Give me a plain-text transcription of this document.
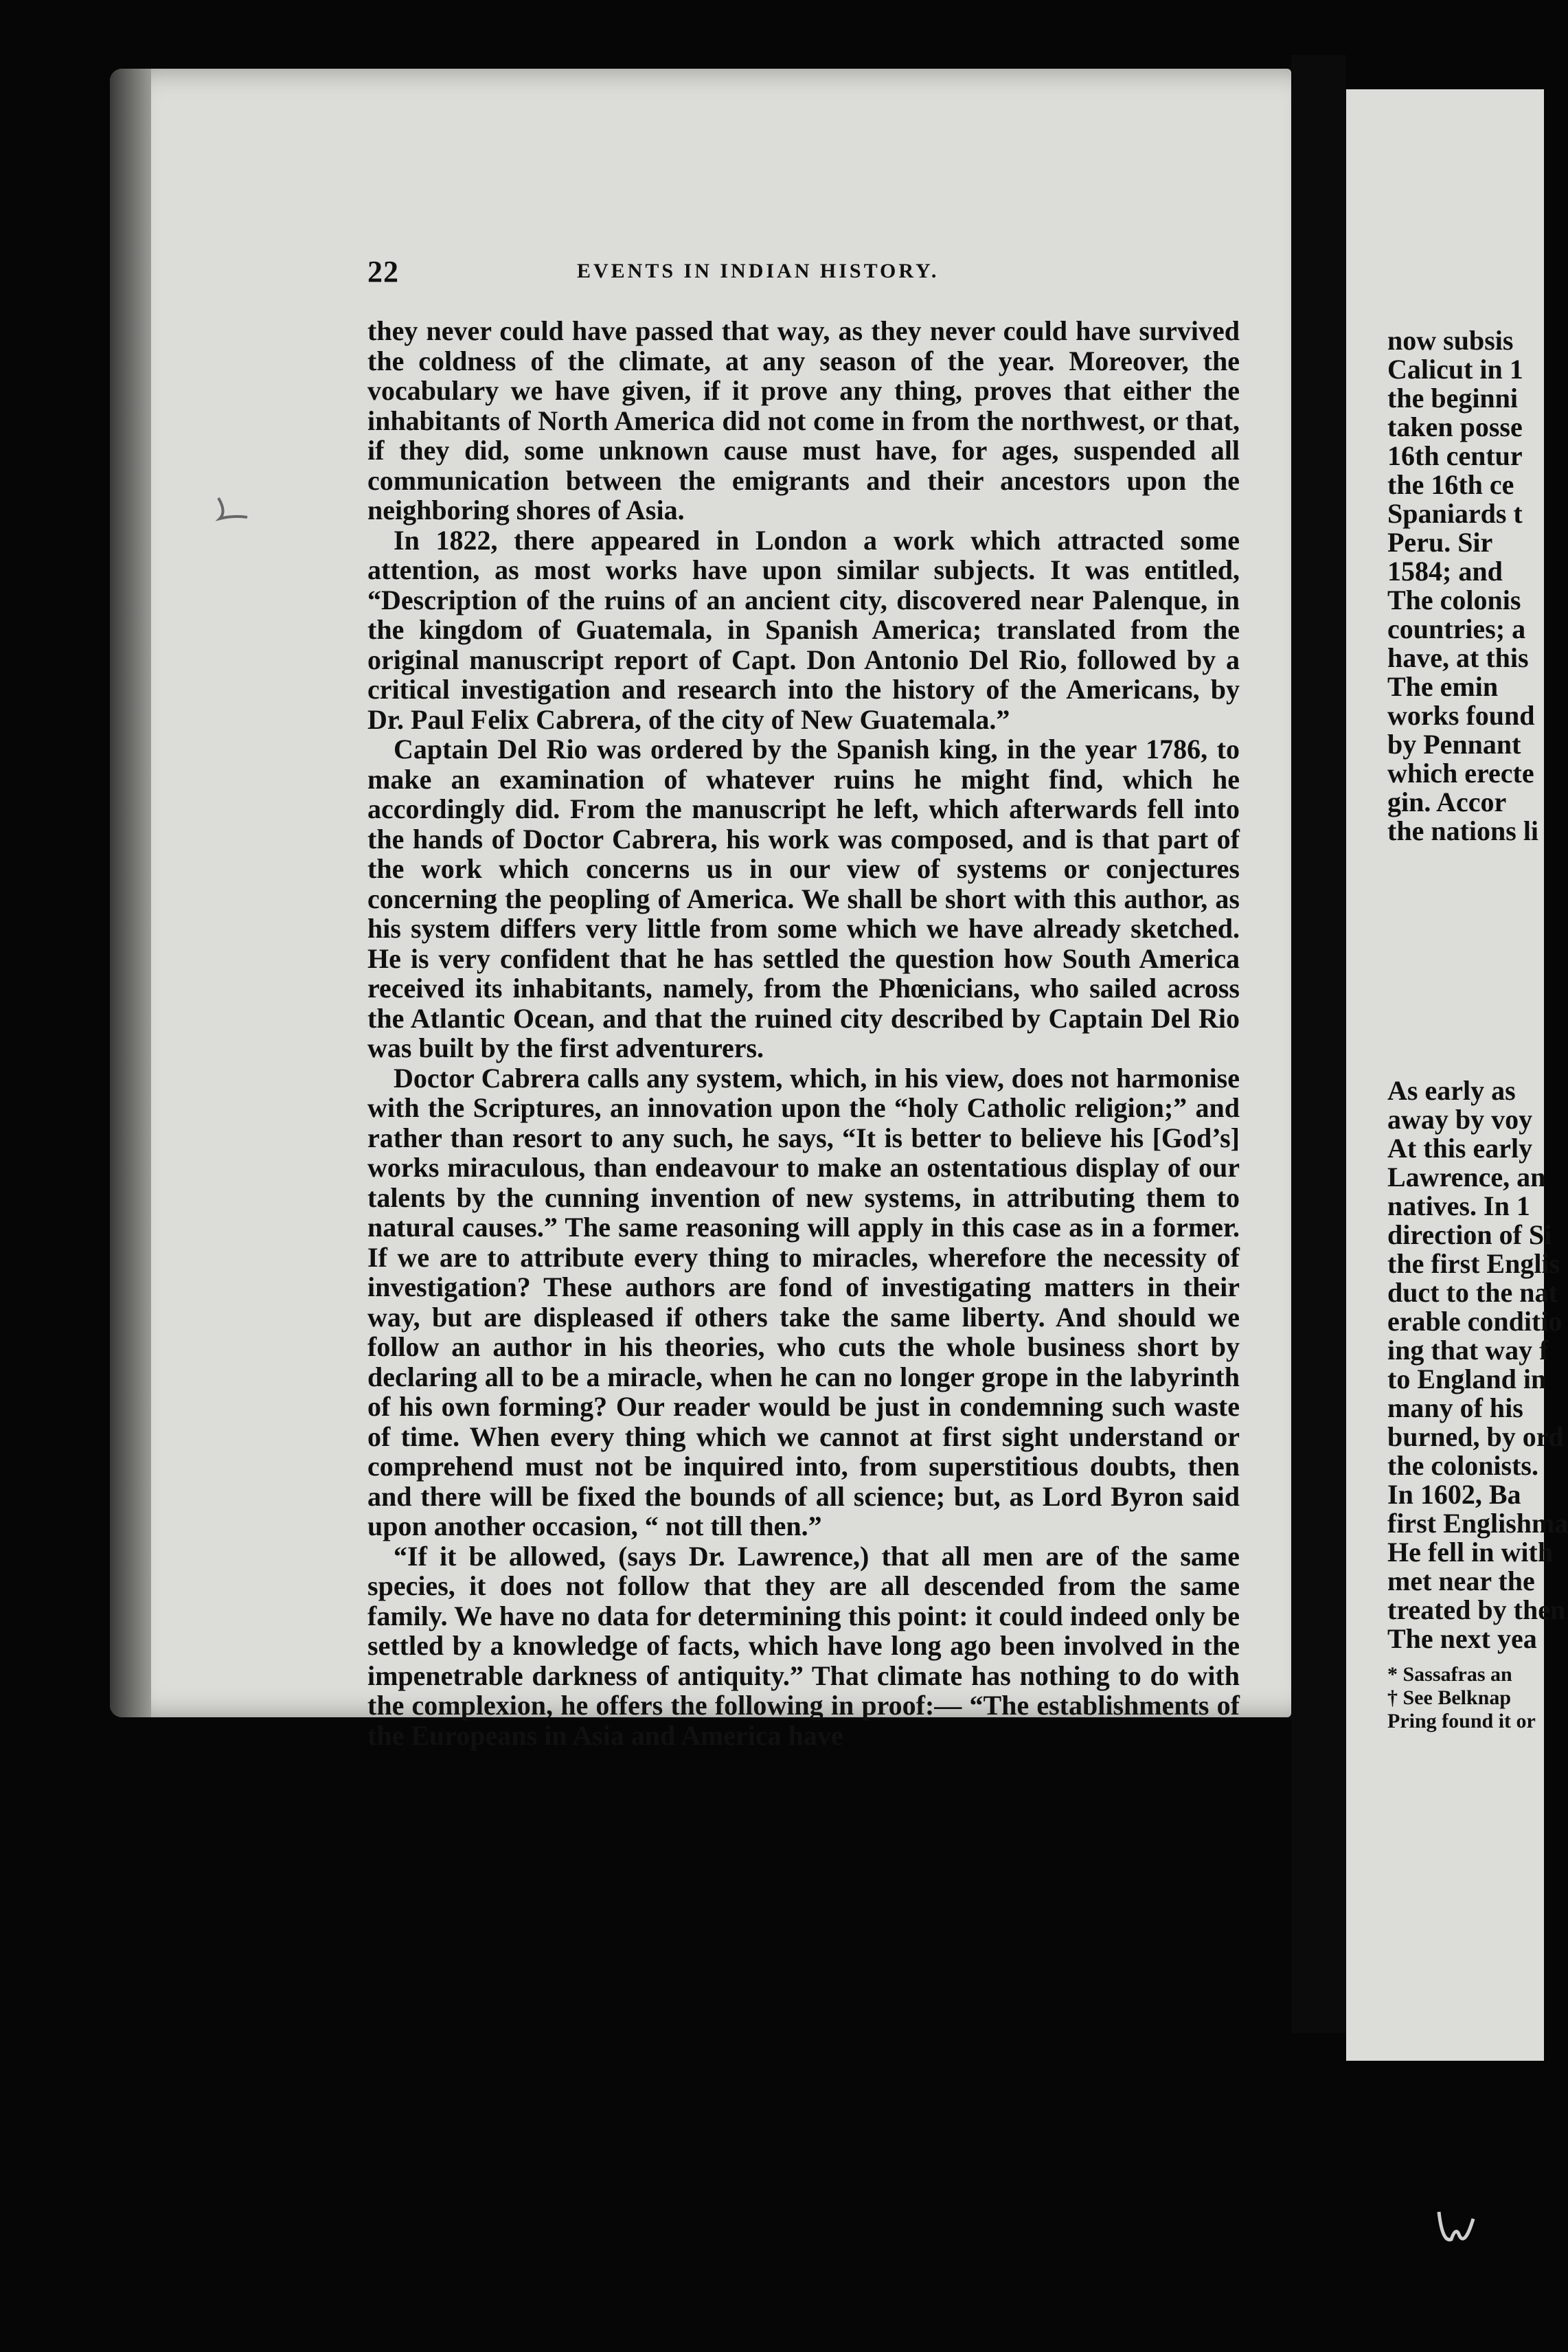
22	EVENTS IN INDIAN HISTORY.

they never could have passed that way, as they never could have survived the coldness of the climate, at any season of the year. Moreover, the vocabulary we have given, if it prove any thing, proves that either the inhabitants of North America did not come in from the northwest, or that, if they did, some unknown cause must have, for ages, suspended all communication between the emigrants and their ancestors upon the neighboring shores of Asia.

In 1822, there appeared in London a work which attracted some attention, as most works have upon similar subjects. It was entitled, “Description of the ruins of an ancient city, discovered near Palenque, in the kingdom of Guatemala, in Spanish America; translated from the original manuscript report of Capt. Don Antonio Del Rio, followed by a critical investigation and research into the history of the Americans, by Dr. Paul Felix Cabrera, of the city of New Guatemala.”

Captain Del Rio was ordered by the Spanish king, in the year 1786, to make an examination of whatever ruins he might find, which he accordingly did. From the manuscript he left, which afterwards fell into the hands of Doctor Cabrera, his work was composed, and is that part of the work which concerns us in our view of systems or conjectures concerning the peopling of America. We shall be short with this author, as his system differs very little from some which we have already sketched. He is very confident that he has settled the question how South America received its inhabitants, namely, from the Phœnicians, who sailed across the Atlantic Ocean, and that the ruined city described by Captain Del Rio was built by the first adventurers.

Doctor Cabrera calls any system, which, in his view, does not harmonise with the Scriptures, an innovation upon the “holy Catholic religion;” and rather than resort to any such, he says, “It is better to believe his [God’s] works miraculous, than endeavour to make an ostentatious display of our talents by the cunning invention of new systems, in attributing them to natural causes.” The same reasoning will apply in this case as in a former. If we are to attribute every thing to miracles, wherefore the necessity of investigation? These authors are fond of investigating matters in their way, but are displeased if others take the same liberty. And should we follow an author in his theories, who cuts the whole business short by declaring all to be a miracle, when he can no longer grope in the labyrinth of his own forming? Our reader would be just in condemning such waste of time. When every thing which we cannot at first sight understand or comprehend must not be inquired into, from superstitious doubts, then and there will be fixed the bounds of all science; but, as Lord Byron said upon another occasion, “ not till then.”

“If it be allowed, (says Dr. Lawrence,) that all men are of the same species, it does not follow that they are all descended from the same family. We have no data for determining this point: it could indeed only be settled by a knowledge of facts, which have long ago been involved in the impenetrable darkness of antiquity.” That climate has nothing to do with the complexion, he offers the following in proof:— “The establishments of the Europeans in Asia and America have

now subsis
Calicut in 1
the beginni
taken posse
16th centur
the 16th ce
Spaniards t
Peru. Sir
1584; and
The colonis
countries; a
have, at this
The emin
works found
by Pennant
which erecte
gin. Accor
the nations li
As early as
away by voy
At this early
Lawrence, an
natives. In 1
direction of Si
the first Englis
duct to the nat
erable conditio
ing that way f
to England in
many of his
burned, by ord
the colonists.
In 1602, Ba
first Englishma
He fell in with
met near the
treated by then
The next yea
* Sassafras an
† See Belknap
Pring found it or
